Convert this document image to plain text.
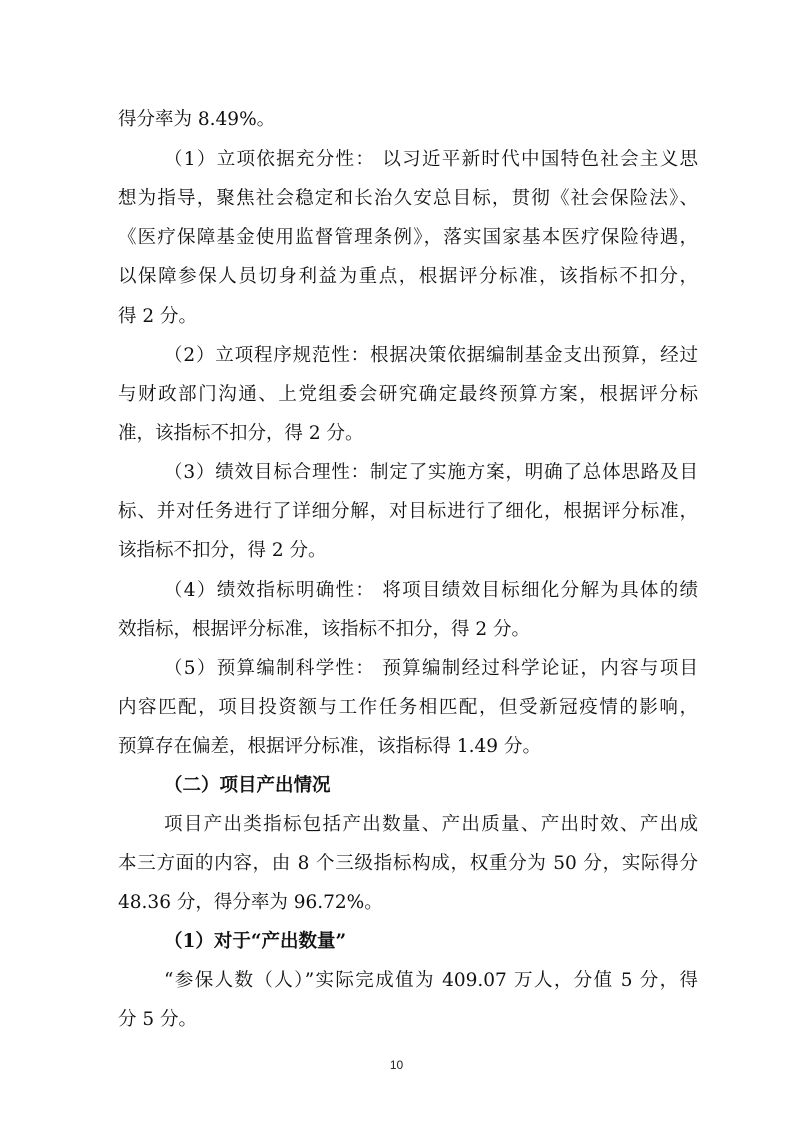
得分率为 8.49%。
（1）立项依据充分性： 以习近平新时代中国特色社会主义思
想为指导，聚焦社会稳定和长治久安总目标，贯彻《社会保险法》、
《医疗保障基金使用监督管理条例》，落实国家基本医疗保险待遇，
以保障参保人员切身利益为重点，根据评分标准，该指标不扣分，
得 2 分。
（2）立项程序规范性：根据决策依据编制基金支出预算，经过
与财政部门沟通、上党组委会研究确定最终预算方案，根据评分标
准，该指标不扣分，得 2 分。
（3）绩效目标合理性：制定了实施方案，明确了总体思路及目
标、并对任务进行了详细分解，对目标进行了细化，根据评分标准，
该指标不扣分，得 2 分。
（4）绩效指标明确性： 将项目绩效目标细化分解为具体的绩
效指标，根据评分标准，该指标不扣分，得 2 分。
（5）预算编制科学性： 预算编制经过科学论证，内容与项目
内容匹配，项目投资额与工作任务相匹配，但受新冠疫情的影响，
预算存在偏差，根据评分标准，该指标得 1.49 分。
（二）项目产出情况
项目产出类指标包括产出数量、产出质量、产出时效、产出成
本三方面的内容，由 8 个三级指标构成，权重分为 50 分，实际得分
48.36 分，得分率为 96.72%。
（1）对于“产出数量”
“参保人数（人）”实际完成值为 409.07 万人，分值 5 分，得
分 5 分。
10
